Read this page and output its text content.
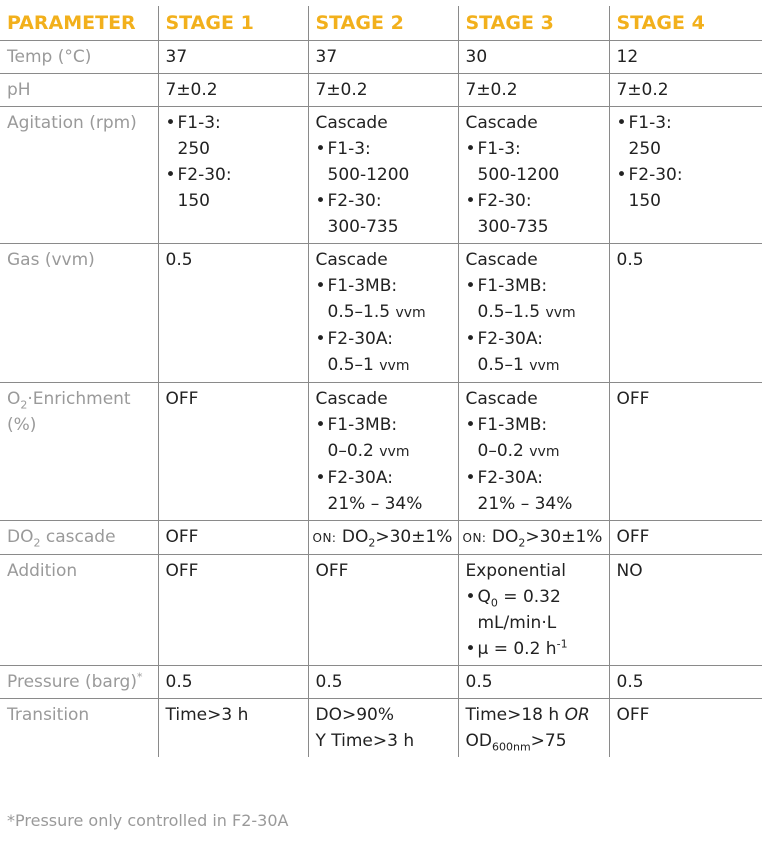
PARAMETER	STAGE 1	STAGE 2	STAGE 3	STAGE 4
Temp (°C)	37	37	30	12
pH	7±0.2	7±0.2	7±0.2	7±0.2
Agitation (rpm)	• F1-3:
250
• F2-30:
150	Cascade
• F1-3:
500-1200
• F2-30:
300-735	Cascade
• F1-3:
500-1200
• F2-30:
300-735	• F1-3:
250
• F2-30:
150

Gas (vvm)	0.5	Cascade
• F1-3MB:
0.5–1.5 vvm
• F2-30A:
0.5–1 vvm	Cascade
• F1-3MB:
0.5–1.5 vvm
• F2-30A:
0.5–1 vvm	0.5

$O_2\cdot Enrichment$
(%)	OFF	Cascade
• F1-3MB:
0–0.2 vvm
• F2-30A:
21% – 34%	Cascade
• F1-3MB:
0–0.2 vvm
• F2-30A:
21% – 34%	OFF
$DO_2$ cascade	OFF	ON: $DO_2>30\pm 1\%$	ON: $DO_2>30\pm 1\%$	OFF
Addition	OFF	OFF	Exponential
• $Q_0 = 0.32$
mL/min·L
• μ = 0.2 $h^{-1}$	NO
Pressure (barg)*	0.5	0.5	0.5	0.5
Transition	Time>3 h	DO>90%
Y Time>3 h	Time>18 h OR
$OD_{600nm}>75$	OFF
*Pressure only controlled in F2-30A
